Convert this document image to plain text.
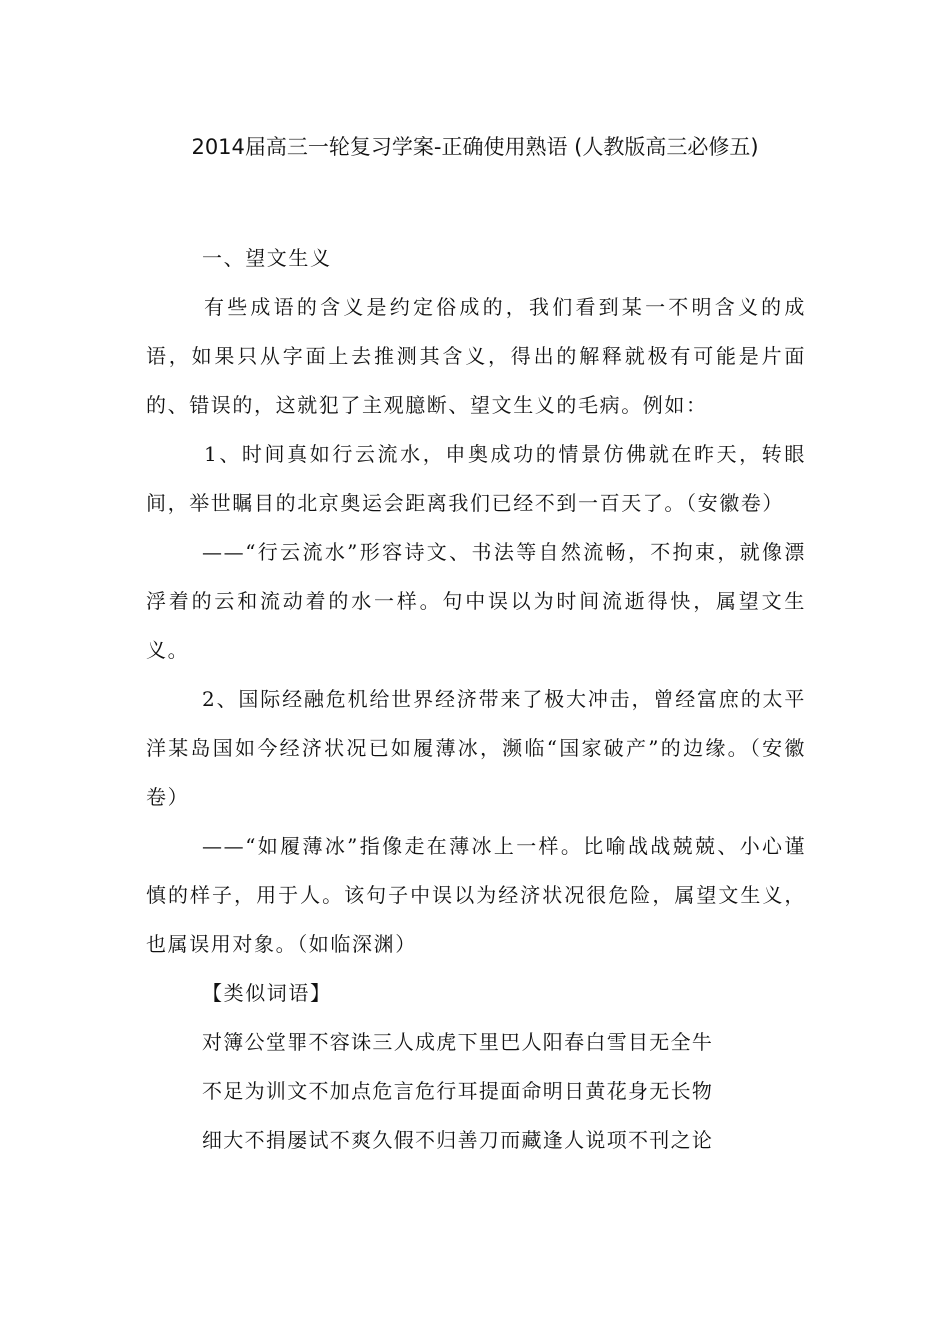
2014届高三一轮复习学案-正确使用熟语 (人教版高三必修五)

一、望文生义

有些成语的含义是约定俗成的，我们看到某一不明含义的成语，如果只从字面上去推测其含义，得出的解释就极有可能是片面的、错误的，这就犯了主观臆断、望文生义的毛病。例如：

1、时间真如行云流水，申奥成功的情景仿佛就在昨天，转眼间，举世瞩目的北京奥运会距离我们已经不到一百天了。（安徽卷）

——“行云流水”形容诗文、书法等自然流畅，不拘束，就像漂浮着的云和流动着的水一样。句中误以为时间流逝得快，属望文生义。

2、国际经融危机给世界经济带来了极大冲击，曾经富庶的太平洋某岛国如今经济状况已如履薄冰，濒临“国家破产”的边缘。（安徽卷）

——“如履薄冰”指像走在薄冰上一样。比喻战战兢兢、小心谨慎的样子，用于人。该句子中误以为经济状况很危险，属望文生义，也属误用对象。（如临深渊）

【类似词语】

对簿公堂罪不容诛三人成虎下里巴人阳春白雪目无全牛

不足为训文不加点危言危行耳提面命明日黄花身无长物

细大不捐屡试不爽久假不归善刀而藏逢人说项不刊之论
